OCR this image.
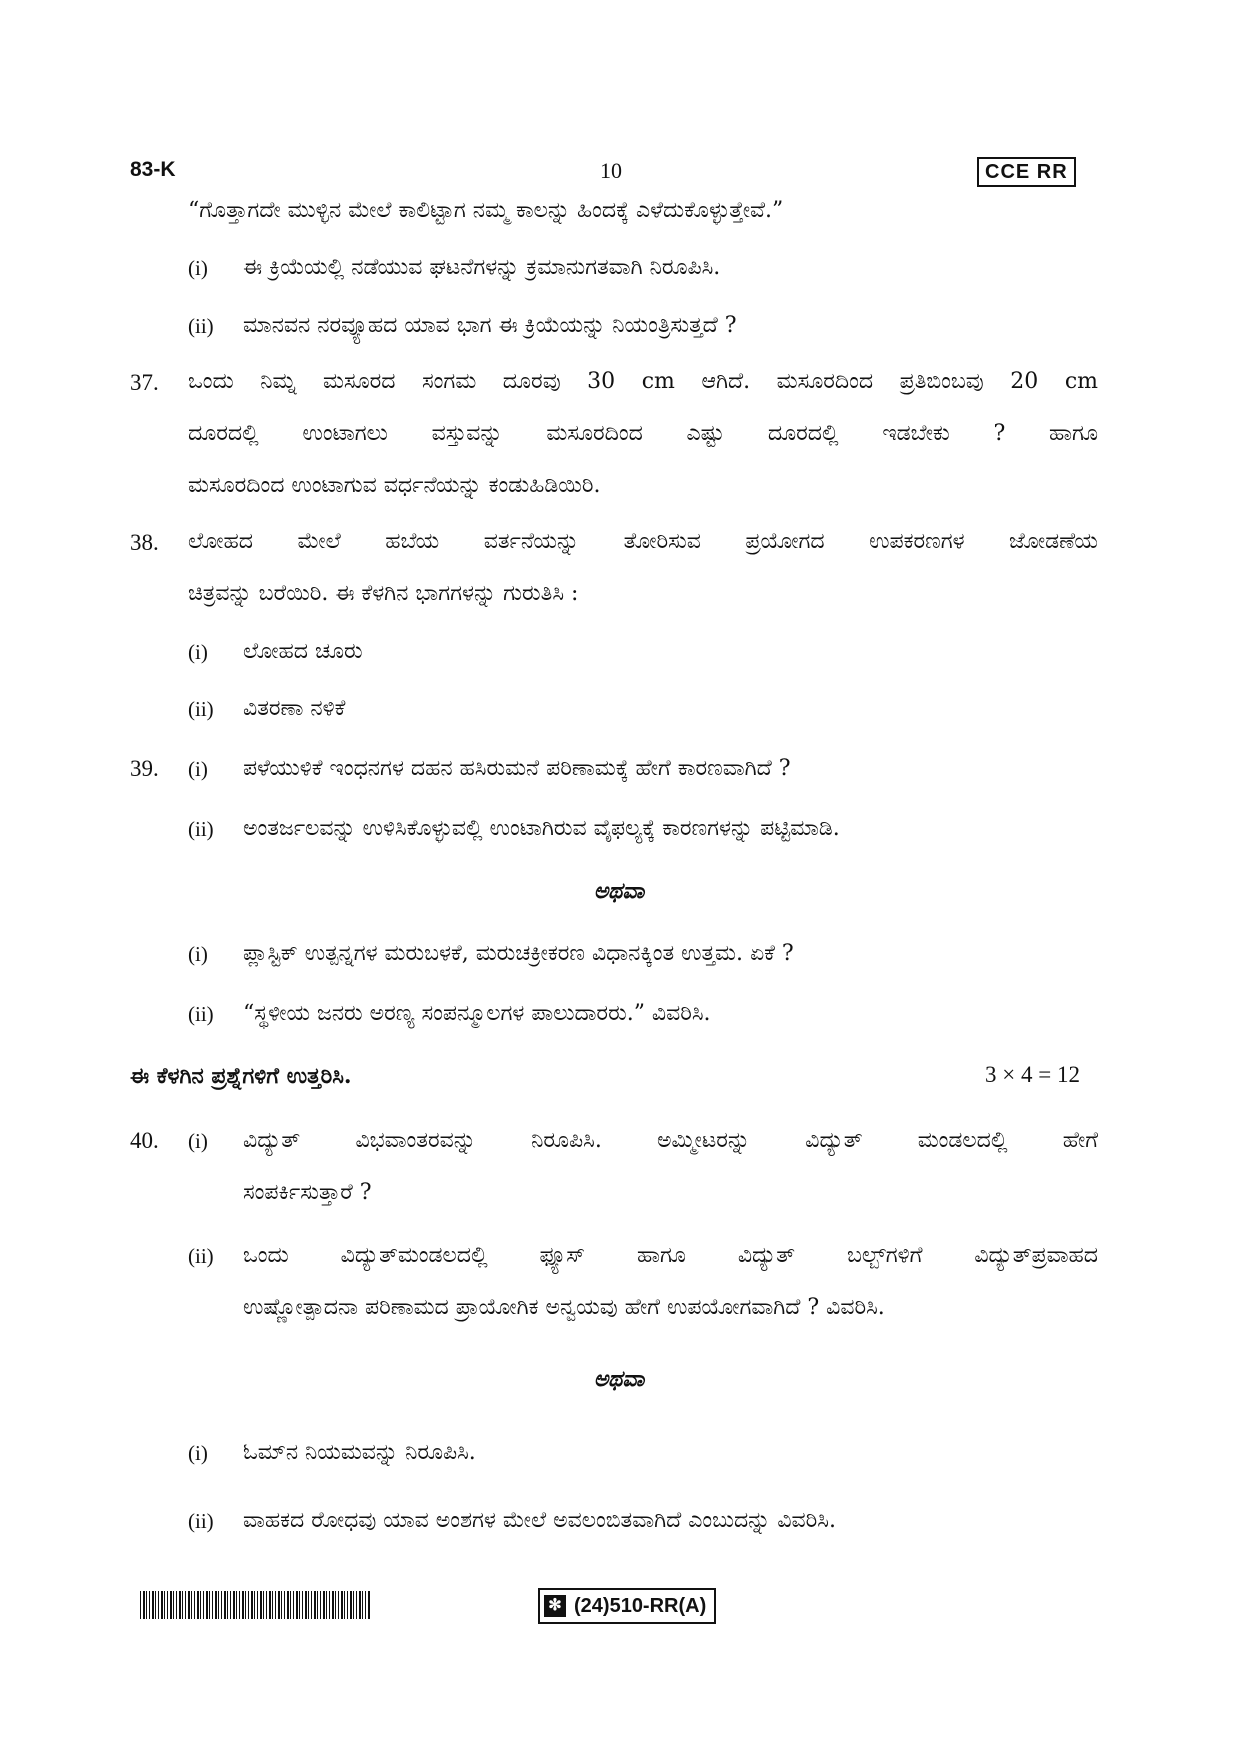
83-K	10	CCE RR
“ಗೊತ್ತಾಗದೇ ಮುಳ್ಳಿನ ಮೇಲೆ ಕಾಲಿಟ್ಟಾಗ ನಮ್ಮ ಕಾಲನ್ನು ಹಿಂದಕ್ಕೆ ಎಳೆದುಕೊಳ್ಳುತ್ತೇವೆ.”
(i) ಈ ಕ್ರಿಯೆಯಲ್ಲಿ ನಡೆಯುವ ಘಟನೆಗಳನ್ನು ಕ್ರಮಾನುಗತವಾಗಿ ನಿರೂಪಿಸಿ.
(ii) ಮಾನವನ ನರವ್ಯೂಹದ ಯಾವ ಭಾಗ ಈ ಕ್ರಿಯೆಯನ್ನು ನಿಯಂತ್ರಿಸುತ್ತದೆ ?
37. ಒಂದು ನಿಮ್ನ ಮಸೂರದ ಸಂಗಮ ದೂರವು 30 cm ಆಗಿದೆ. ಮಸೂರದಿಂದ ಪ್ರತಿಬಿಂಬವು 20 cm
ದೂರದಲ್ಲಿ ಉಂಟಾಗಲು ವಸ್ತುವನ್ನು ಮಸೂರದಿಂದ ಎಷ್ಟು ದೂರದಲ್ಲಿ ಇಡಬೇಕು ? ಹಾಗೂ
ಮಸೂರದಿಂದ ಉಂಟಾಗುವ ವರ್ಧನೆಯನ್ನು ಕಂಡುಹಿಡಿಯಿರಿ.
38. ಲೋಹದ ಮೇಲೆ ಹಬೆಯ ವರ್ತನೆಯನ್ನು ತೋರಿಸುವ ಪ್ರಯೋಗದ ಉಪಕರಣಗಳ ಜೋಡಣೆಯ
ಚಿತ್ರವನ್ನು ಬರೆಯಿರಿ. ಈ ಕೆಳಗಿನ ಭಾಗಗಳನ್ನು ಗುರುತಿಸಿ :
(i) ಲೋಹದ ಚೂರು
(ii) ವಿತರಣಾ ನಳಿಕೆ
39. (i) ಪಳೆಯುಳಿಕೆ ಇಂಧನಗಳ ದಹನ ಹಸಿರುಮನೆ ಪರಿಣಾಮಕ್ಕೆ ಹೇಗೆ ಕಾರಣವಾಗಿದೆ ?
(ii) ಅಂತರ್ಜಲವನ್ನು ಉಳಿಸಿಕೊಳ್ಳುವಲ್ಲಿ ಉಂಟಾಗಿರುವ ವೈಫಲ್ಯಕ್ಕೆ ಕಾರಣಗಳನ್ನು ಪಟ್ಟಿಮಾಡಿ.
ಅಥವಾ
(i) ಪ್ಲಾಸ್ಟಿಕ್ ಉತ್ಪನ್ನಗಳ ಮರುಬಳಕೆ, ಮರುಚಕ್ರೀಕರಣ ವಿಧಾನಕ್ಕಿಂತ ಉತ್ತಮ. ಏಕೆ ?
(ii) “ಸ್ಥಳೀಯ ಜನರು ಅರಣ್ಯ ಸಂಪನ್ಮೂಲಗಳ ಪಾಲುದಾರರು.” ವಿವರಿಸಿ.
ಈ ಕೆಳಗಿನ ಪ್ರಶ್ನೆಗಳಿಗೆ ಉತ್ತರಿಸಿ.	3 × 4 = 12
40. (i) ವಿದ್ಯುತ್ ವಿಭವಾಂತರವನ್ನು ನಿರೂಪಿಸಿ. ಅಮ್ಮೀಟರನ್ನು ವಿದ್ಯುತ್ ಮಂಡಲದಲ್ಲಿ ಹೇಗೆ
ಸಂಪರ್ಕಿಸುತ್ತಾರೆ ?
(ii) ಒಂದು ವಿದ್ಯುತ್‌ಮಂಡಲದಲ್ಲಿ ಫ್ಯೂಸ್ ಹಾಗೂ ವಿದ್ಯುತ್ ಬಲ್ಬ್‌ಗಳಿಗೆ ವಿದ್ಯುತ್‌ಪ್ರವಾಹದ
ಉಷ್ಣೋತ್ಪಾದನಾ ಪರಿಣಾಮದ ಪ್ರಾಯೋಗಿಕ ಅನ್ವಯವು ಹೇಗೆ ಉಪಯೋಗವಾಗಿದೆ ? ವಿವರಿಸಿ.
ಅಥವಾ
(i) ಓಮ್‌ನ ನಿಯಮವನ್ನು ನಿರೂಪಿಸಿ.
(ii) ವಾಹಕದ ರೋಧವು ಯಾವ ಅಂಶಗಳ ಮೇಲೆ ಅವಲಂಬಿತವಾಗಿದೆ ಎಂಬುದನ್ನು ವಿವರಿಸಿ.
✻ (24)510-RR(A)
